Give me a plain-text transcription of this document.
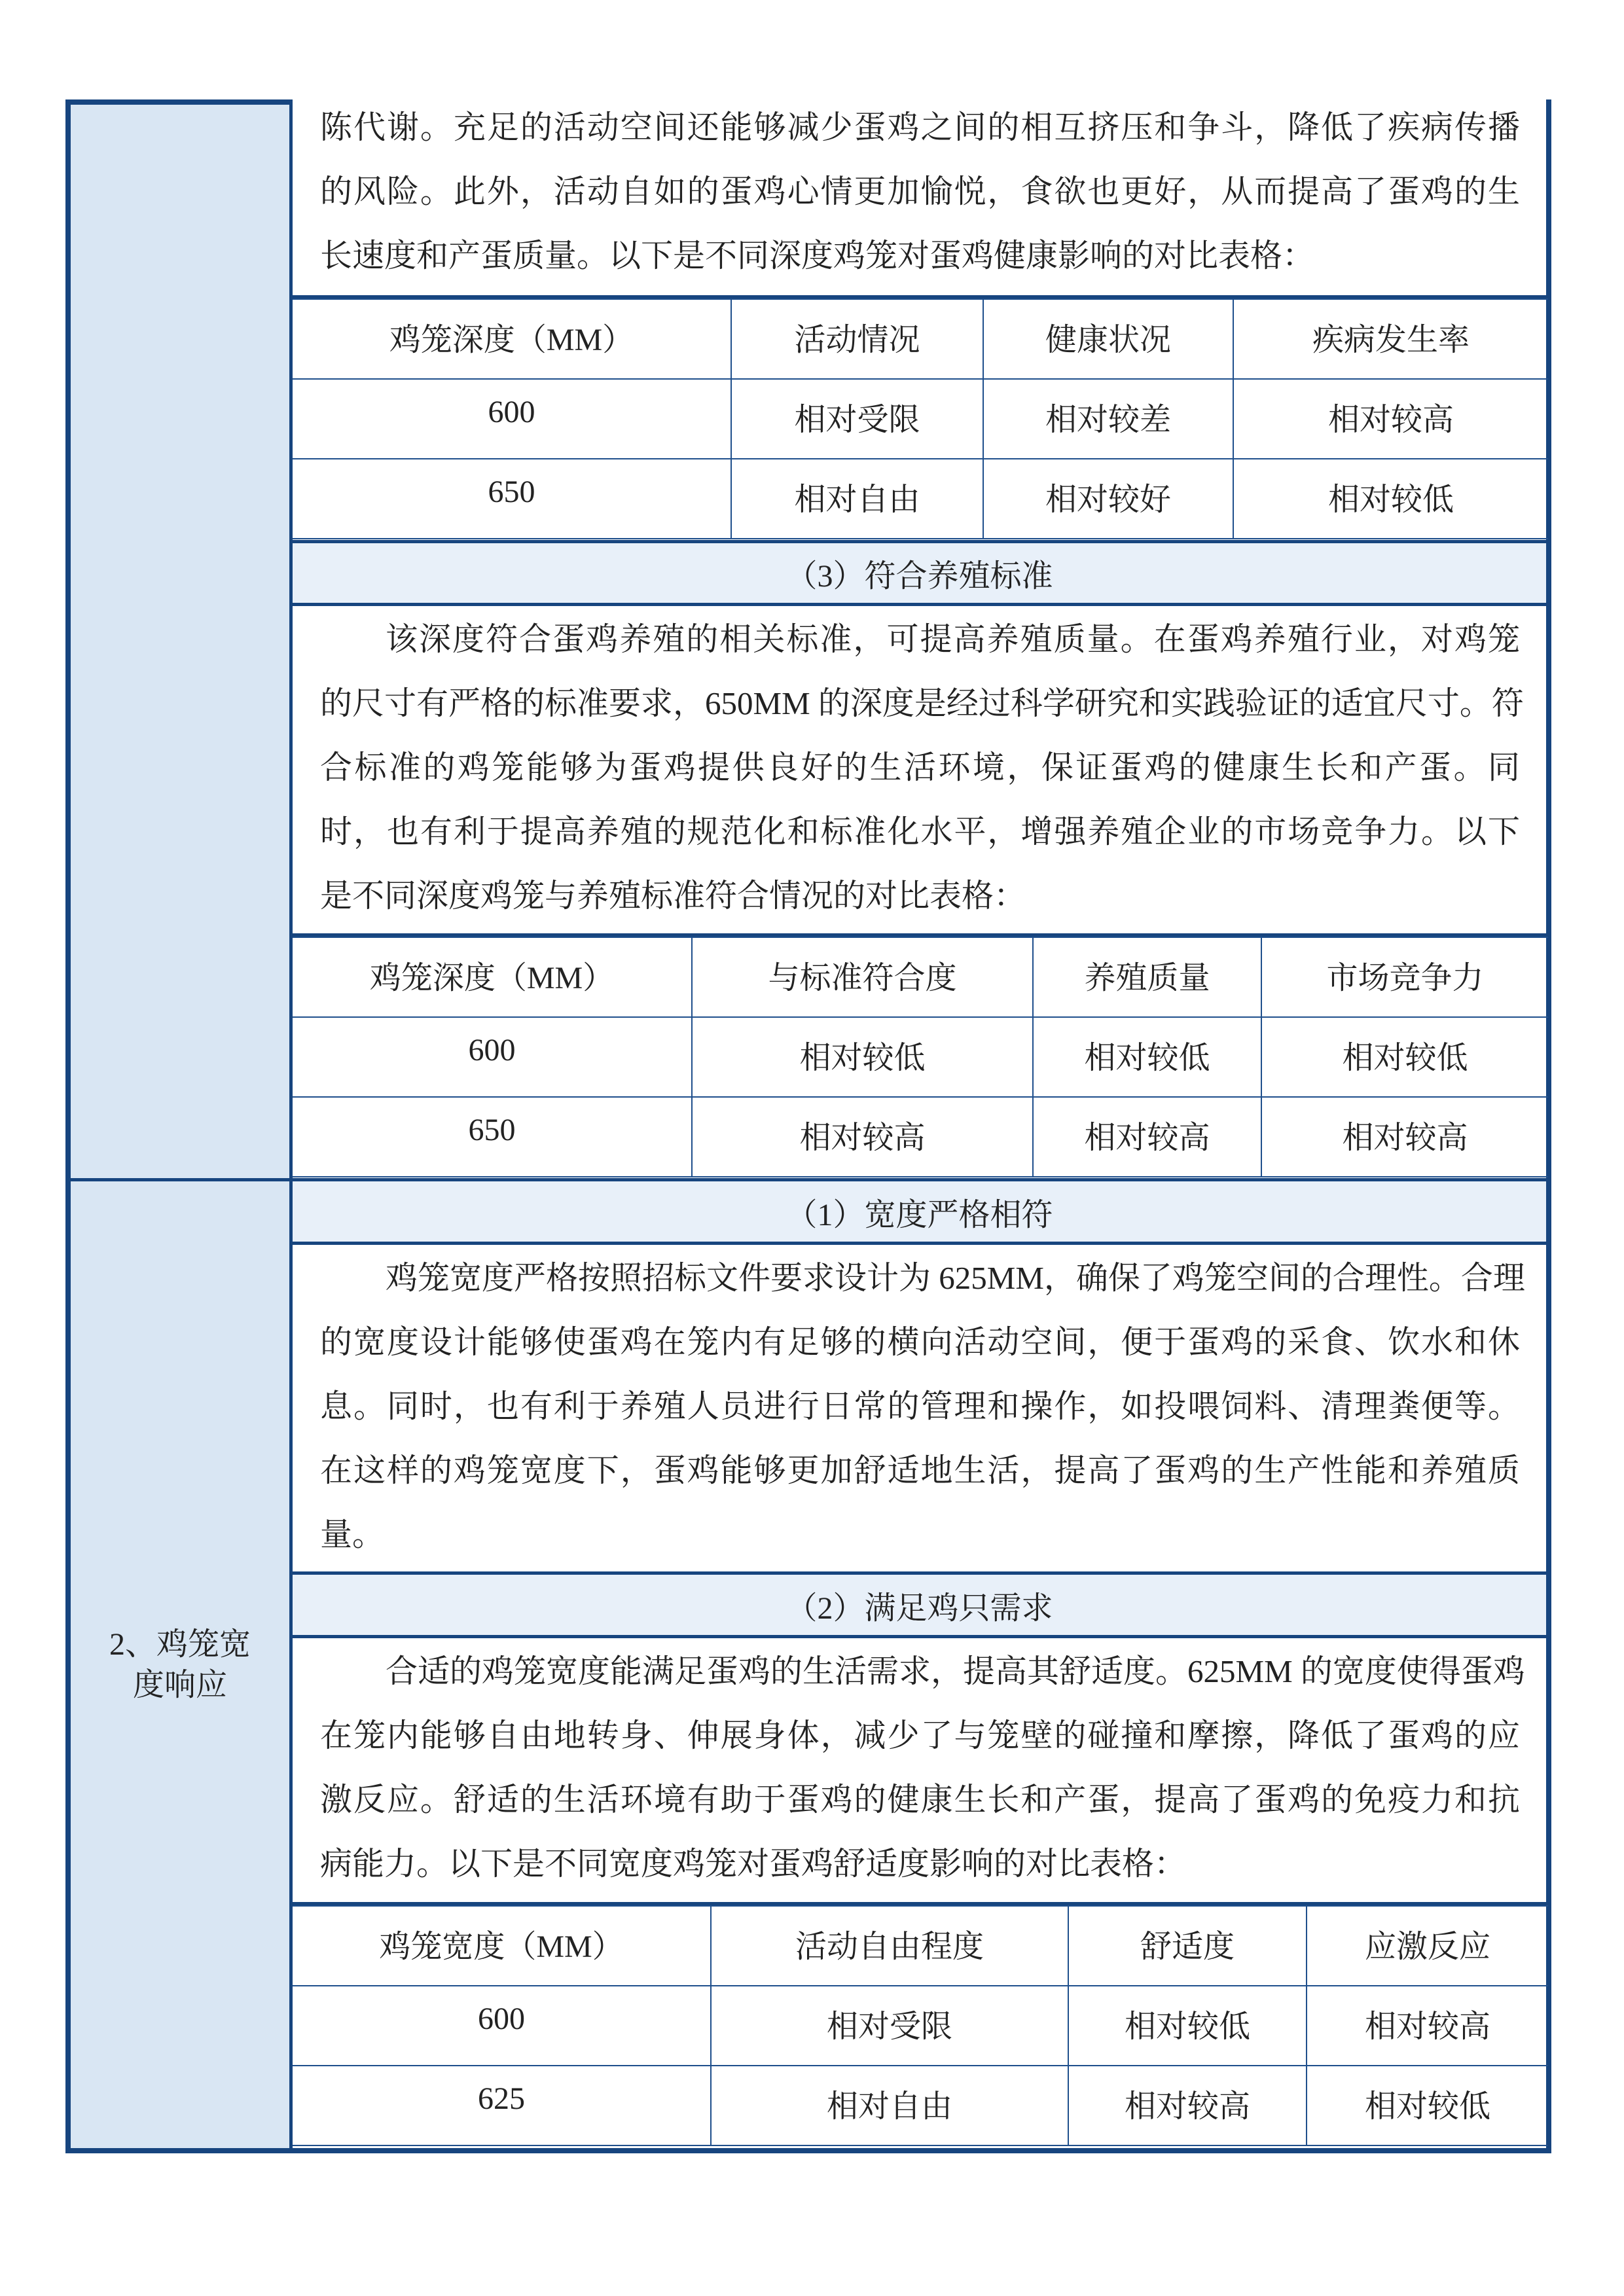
2、鸡笼宽
度响应
陈代谢。充足的活动空间还能够减少蛋鸡之间的相互挤压和争斗，降低了疾病传播
的风险。此外，活动自如的蛋鸡心情更加愉悦，食欲也更好，从而提高了蛋鸡的生
长速度和产蛋质量。以下是不同深度鸡笼对蛋鸡健康影响的对比表格：
鸡笼深度（MM）	活动情况	健康状况	疾病发生率
600	相对受限	相对较差	相对较高
650	相对自由	相对较好	相对较低
（3）符合养殖标准
该深度符合蛋鸡养殖的相关标准，可提高养殖质量。在蛋鸡养殖行业，对鸡笼
的尺寸有严格的标准要求，650MM 的深度是经过科学研究和实践验证的适宜尺寸。符
合标准的鸡笼能够为蛋鸡提供良好的生活环境，保证蛋鸡的健康生长和产蛋。同
时，也有利于提高养殖的规范化和标准化水平，增强养殖企业的市场竞争力。以下
是不同深度鸡笼与养殖标准符合情况的对比表格：
鸡笼深度（MM）	与标准符合度	养殖质量	市场竞争力
600	相对较低	相对较低	相对较低
650	相对较高	相对较高	相对较高
（1）宽度严格相符
鸡笼宽度严格按照招标文件要求设计为 625MM，确保了鸡笼空间的合理性。合理
的宽度设计能够使蛋鸡在笼内有足够的横向活动空间，便于蛋鸡的采食、饮水和休
息。同时，也有利于养殖人员进行日常的管理和操作，如投喂饲料、清理粪便等。
在这样的鸡笼宽度下，蛋鸡能够更加舒适地生活，提高了蛋鸡的生产性能和养殖质
量。
（2）满足鸡只需求
合适的鸡笼宽度能满足蛋鸡的生活需求，提高其舒适度。625MM 的宽度使得蛋鸡
在笼内能够自由地转身、伸展身体，减少了与笼壁的碰撞和摩擦，降低了蛋鸡的应
激反应。舒适的生活环境有助于蛋鸡的健康生长和产蛋，提高了蛋鸡的免疫力和抗
病能力。以下是不同宽度鸡笼对蛋鸡舒适度影响的对比表格：
鸡笼宽度（MM）	活动自由程度	舒适度	应激反应
600	相对受限	相对较低	相对较高
625	相对自由	相对较高	相对较低
